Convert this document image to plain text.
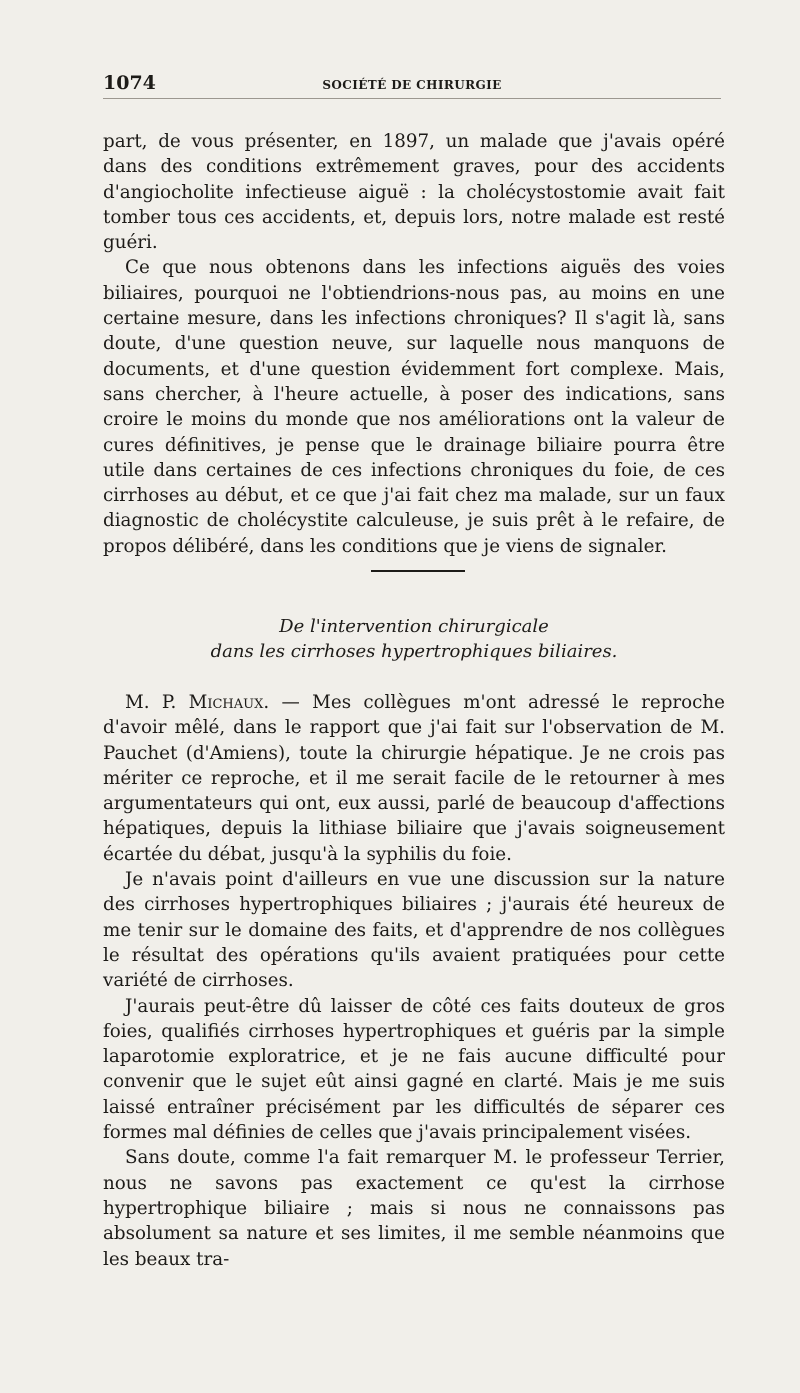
1074	SOCIÉTÉ DE CHIRURGIE

part, de vous présenter, en 1897, un malade que j'avais opéré dans des conditions extrêmement graves, pour des accidents d'angiocholite infectieuse aiguë : la cholécystostomie avait fait tomber tous ces accidents, et, depuis lors, notre malade est resté guéri.

Ce que nous obtenons dans les infections aiguës des voies biliaires, pourquoi ne l'obtiendrions-nous pas, au moins en une certaine mesure, dans les infections chroniques? Il s'agit là, sans doute, d'une question neuve, sur laquelle nous manquons de documents, et d'une question évidemment fort complexe. Mais, sans chercher, à l'heure actuelle, à poser des indications, sans croire le moins du monde que nos améliorations ont la valeur de cures définitives, je pense que le drainage biliaire pourra être utile dans certaines de ces infections chroniques du foie, de ces cirrhoses au début, et ce que j'ai fait chez ma malade, sur un faux diagnostic de cholécystite calculeuse, je suis prêt à le refaire, de propos délibéré, dans les conditions que je viens de signaler.

De l'intervention chirurgicale
dans les cirrhoses hypertrophiques biliaires.

M. P. Michaux. — Mes collègues m'ont adressé le reproche d'avoir mêlé, dans le rapport que j'ai fait sur l'observation de M. Pauchet (d'Amiens), toute la chirurgie hépatique. Je ne crois pas mériter ce reproche, et il me serait facile de le retourner à mes argumentateurs qui ont, eux aussi, parlé de beaucoup d'affections hépatiques, depuis la lithiase biliaire que j'avais soigneusement écartée du débat, jusqu'à la syphilis du foie.

Je n'avais point d'ailleurs en vue une discussion sur la nature des cirrhoses hypertrophiques biliaires ; j'aurais été heureux de me tenir sur le domaine des faits, et d'apprendre de nos collègues le résultat des opérations qu'ils avaient pratiquées pour cette variété de cirrhoses.

J'aurais peut-être dû laisser de côté ces faits douteux de gros foies, qualifiés cirrhoses hypertrophiques et guéris par la simple laparotomie exploratrice, et je ne fais aucune difficulté pour convenir que le sujet eût ainsi gagné en clarté. Mais je me suis laissé entraîner précisément par les difficultés de séparer ces formes mal définies de celles que j'avais principalement visées.

Sans doute, comme l'a fait remarquer M. le professeur Terrier, nous ne savons pas exactement ce qu'est la cirrhose hypertrophique biliaire ; mais si nous ne connaissons pas absolument sa nature et ses limites, il me semble néanmoins que les beaux tra-
